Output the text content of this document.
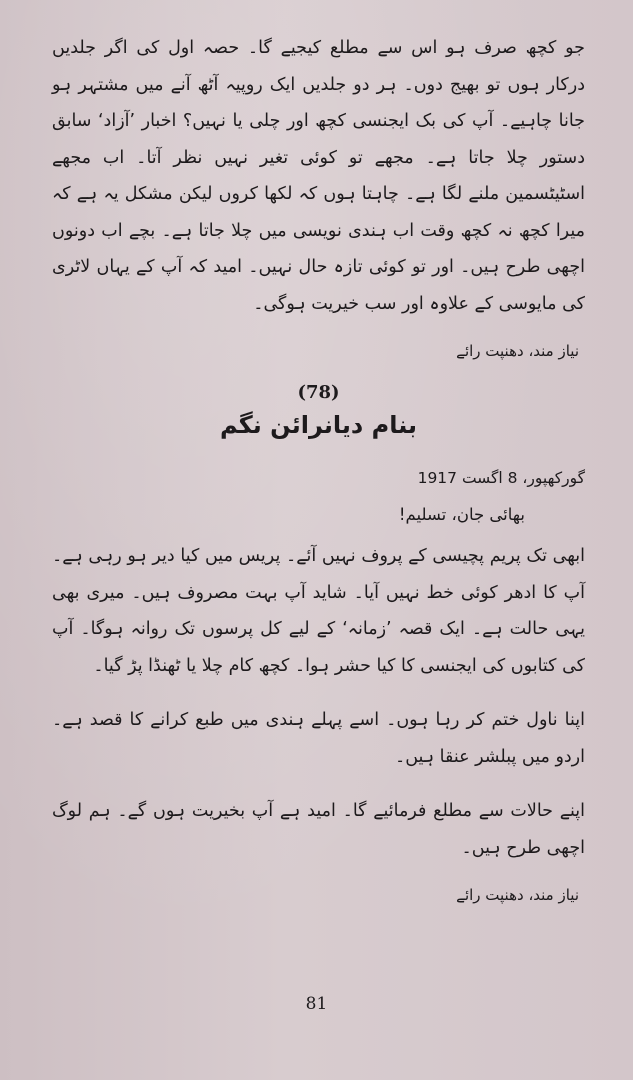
جو کچھ صرف ہو اس سے مطلع کیجیے گا۔ حصہ اول کی اگر جلدیں درکار ہوں تو بھیج دوں۔ ہر دو جلدیں ایک روپیہ آٹھ آنے میں مشتہر ہو جانا چاہیے۔ آپ کی بک ایجنسی کچھ اور چلی یا نہیں؟ اخبار ’آزاد‘ سابق دستور چلا جاتا ہے۔ مجھے تو کوئی تغیر نہیں نظر آتا۔ اب مجھے اسٹیٹسمین ملنے لگا ہے۔ چاہتا ہوں کہ لکھا کروں لیکن مشکل یہ ہے کہ میرا کچھ نہ کچھ وقت اب ہندی نویسی میں چلا جاتا ہے۔ بچے اب دونوں اچھی طرح ہیں۔ اور تو کوئی تازہ حال نہیں۔ امید کہ آپ کے یہاں لاٹری کی مایوسی کے علاوہ اور سب خیریت ہوگی۔

نیاز مند، دھنپت رائے
(78)
بنام دیانرائن نگم
گورکھپور، 8 اگست 1917
بھائی جان، تسلیم!

ابھی تک پریم پچیسی کے پروف نہیں آئے۔ پریس میں کیا دیر ہو رہی ہے۔ آپ کا ادھر کوئی خط نہیں آیا۔ شاید آپ بہت مصروف ہیں۔ میری بھی یہی حالت ہے۔ ایک قصہ ’زمانہ‘ کے لیے کل پرسوں تک روانہ ہوگا۔ آپ کی کتابوں کی ایجنسی کا کیا حشر ہوا۔ کچھ کام چلا یا ٹھنڈا پڑ گیا۔

اپنا ناول ختم کر رہا ہوں۔ اسے پہلے ہندی میں طبع کرانے کا قصد ہے۔ اردو میں پبلشر عنقا ہیں۔

اپنے حالات سے مطلع فرمائیے گا۔ امید ہے آپ بخیریت ہوں گے۔ ہم لوگ اچھی طرح ہیں۔

نیاز مند، دھنپت رائے
81
